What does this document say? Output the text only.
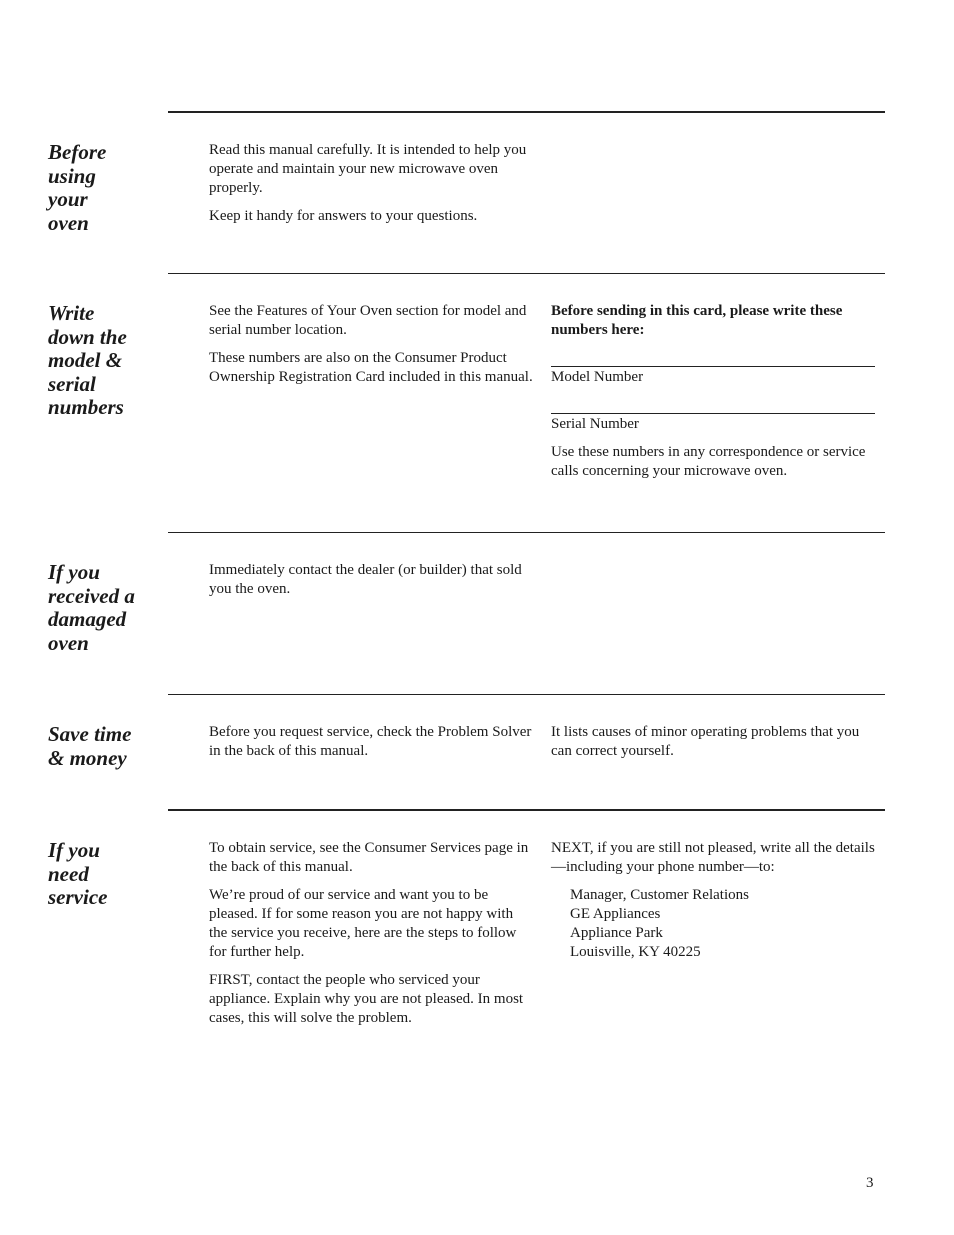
Before
using
your
oven

Read this manual carefully. It is intended to help you operate and maintain your new microwave oven properly.

Keep it handy for answers to your questions.

Write
down the
model &
serial
numbers

See the Features of Your Oven section for model and serial number location.

These numbers are also on the Consumer Product Ownership Registration Card included in this manual.

Before sending in this card, please write these numbers here:

Model Number

Serial Number

Use these numbers in any correspondence or service calls concerning your microwave oven.

If you
received a
damaged
oven

Immediately contact the dealer (or builder) that sold you the oven.

Save time
& money

Before you request service, check the Problem Solver in the back of this manual.

It lists causes of minor operating problems that you can correct yourself.

If you
need
service

To obtain service, see the Consumer Services page in the back of this manual.

We’re proud of our service and want you to be pleased. If for some reason you are not happy with the service you receive, here are the steps to follow for further help.

FIRST, contact the people who serviced your appliance. Explain why you are not pleased. In most cases, this will solve the problem.

NEXT, if you are still not pleased, write all the details—including your phone number—to:

Manager, Customer Relations

GE Appliances

Appliance Park

Louisville, KY 40225

3
